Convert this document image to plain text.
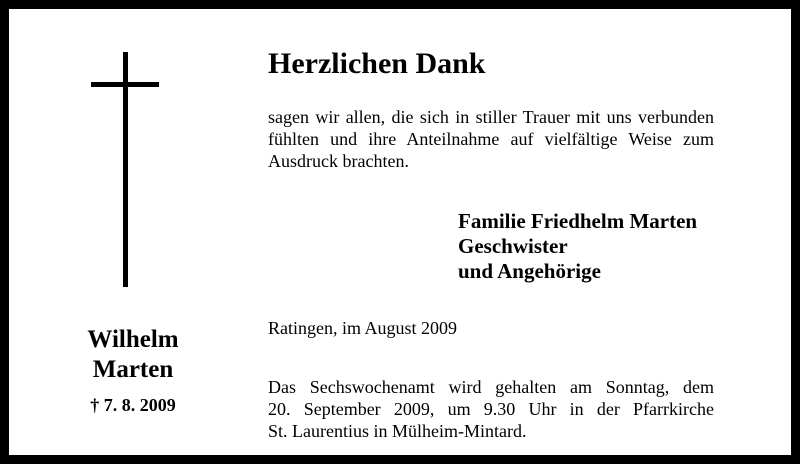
Wilhelm
Marten
† 7. 8. 2009
Herzlichen Dank
sagen wir allen, die sich in stiller Trauer mit uns verbunden
fühlten und ihre Anteilnahme auf vielfältige Weise zum
Ausdruck brachten.
Familie Friedhelm Marten
Geschwister
und Angehörige
Ratingen, im August 2009
Das Sechswochenamt wird gehalten am Sonntag, dem
20. September 2009, um 9.30 Uhr in der Pfarrkirche
St. Laurentius in Mülheim-Mintard.
